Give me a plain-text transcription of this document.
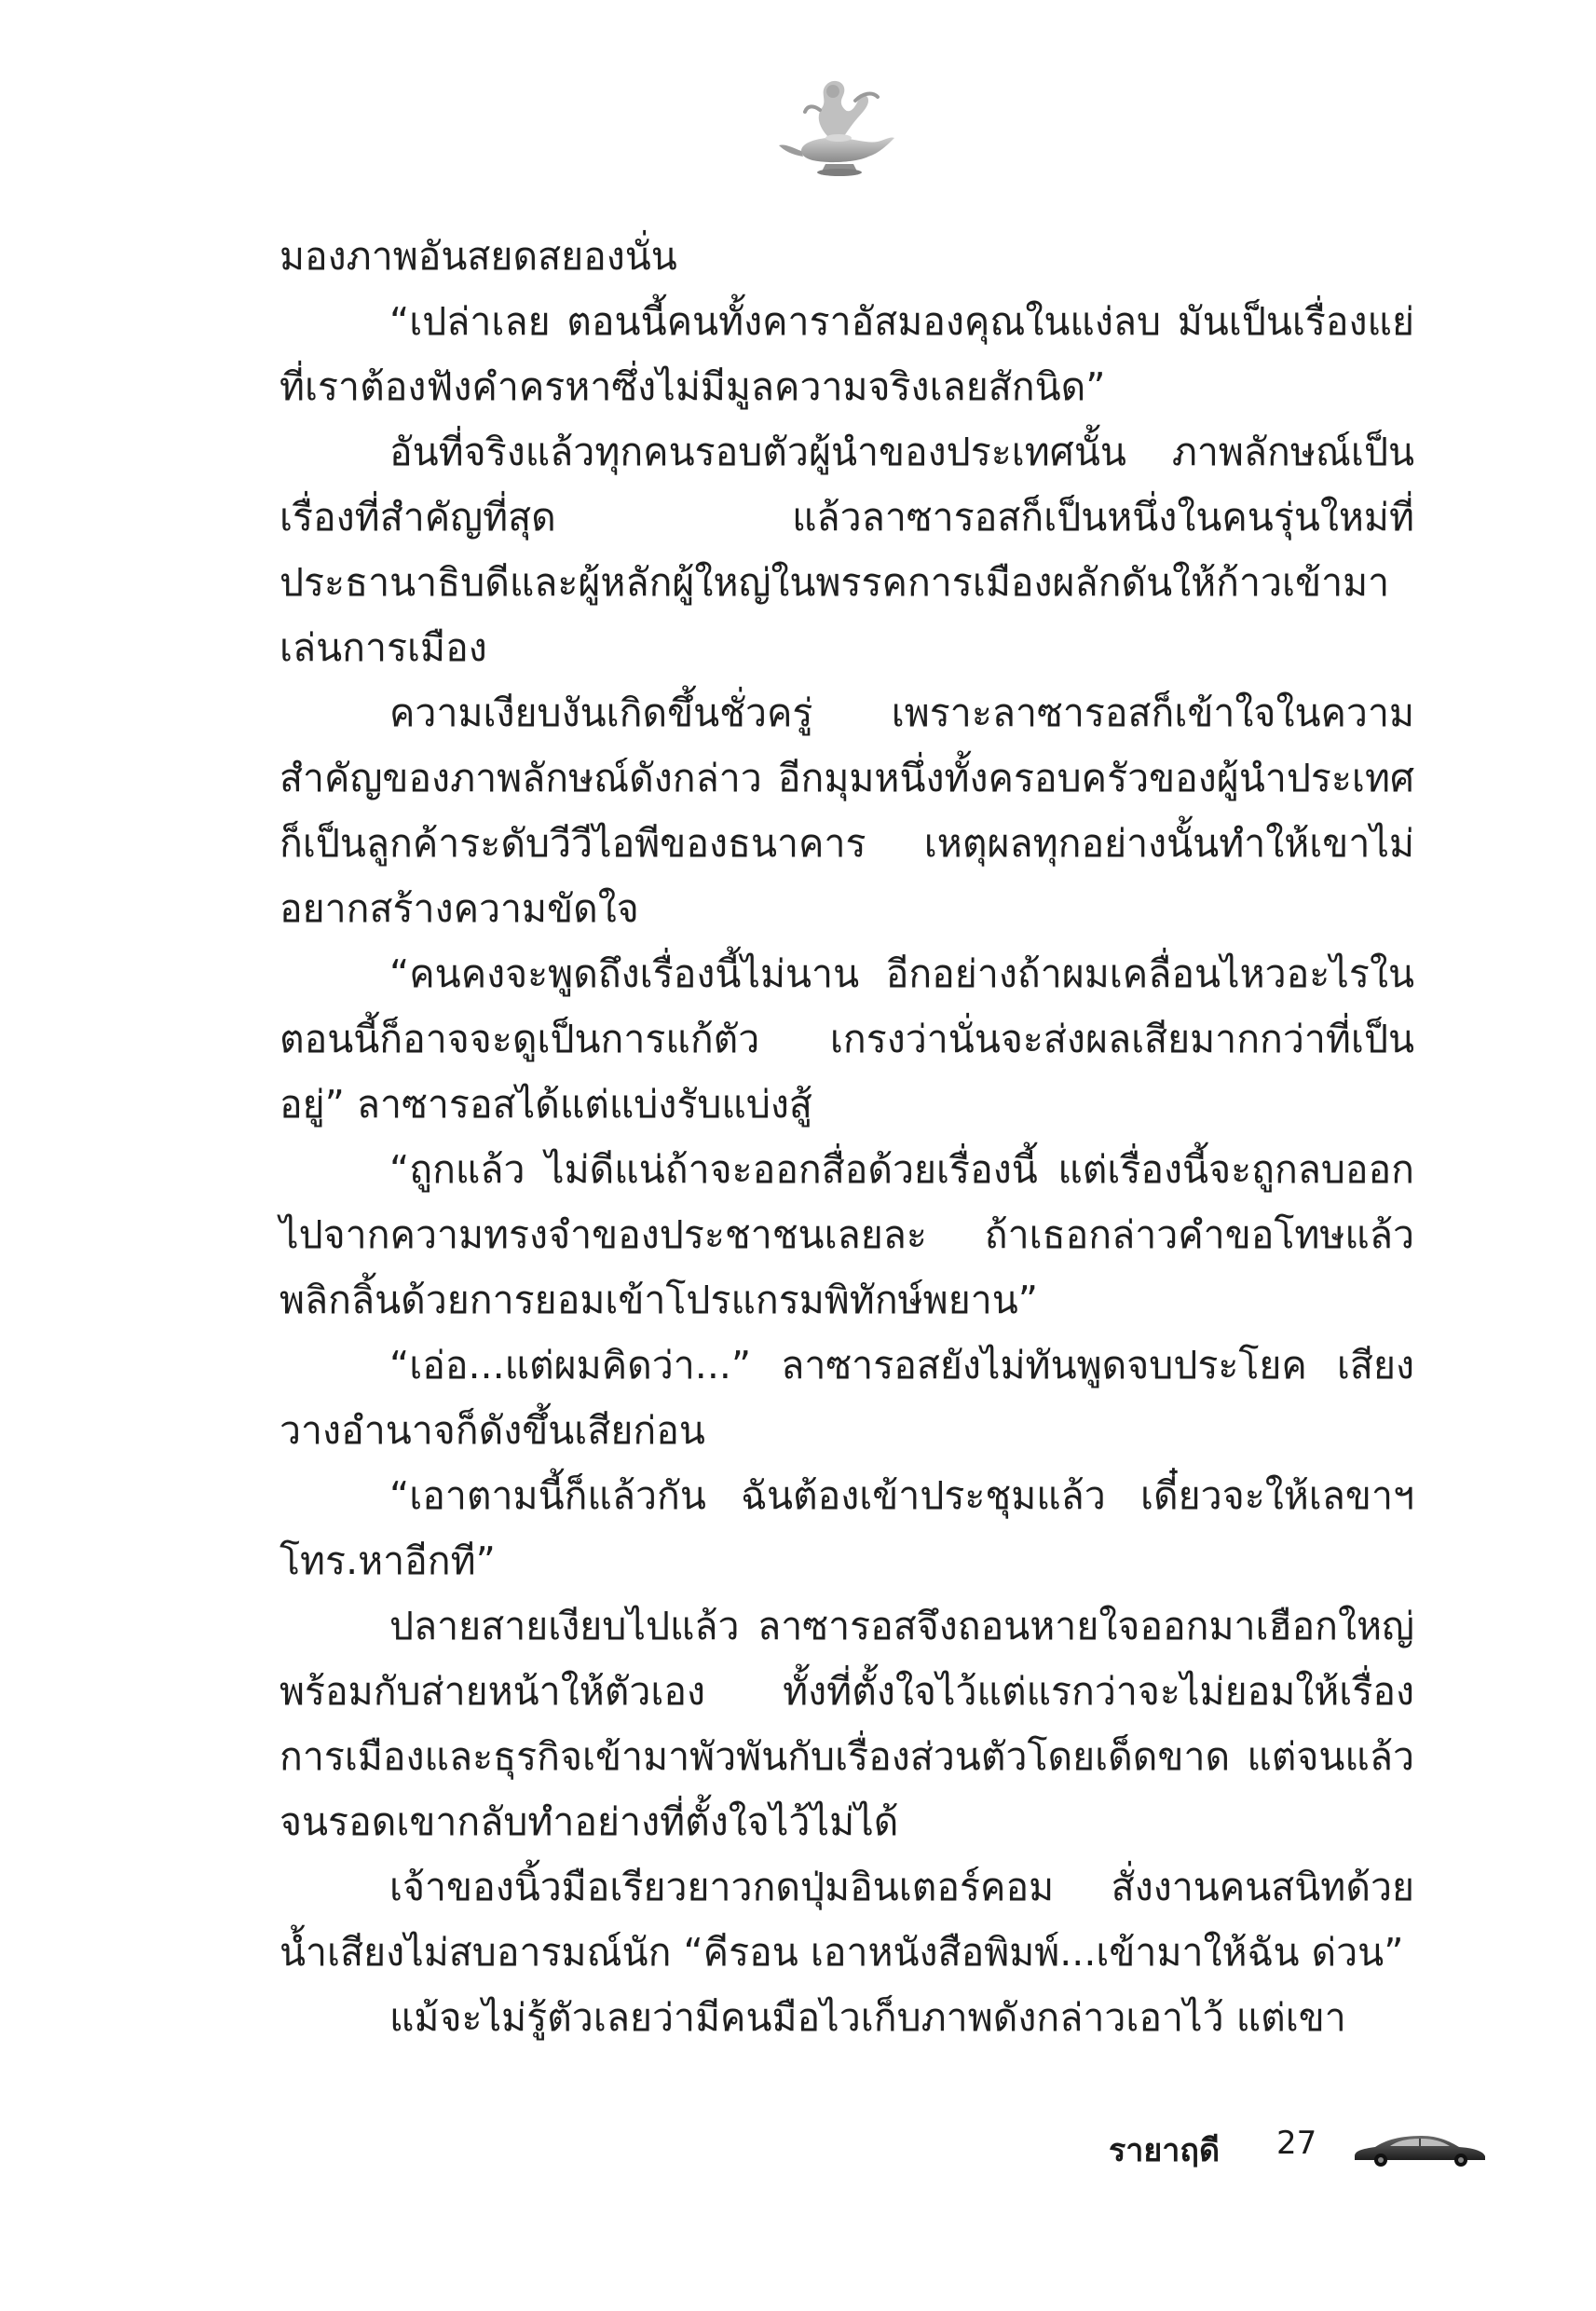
มองภาพอันสยดสยองนั่น

“เปล่าเลย ตอนนี้คนทั้งคาราอัสมองคุณในแง่ลบ มันเป็นเรื่องแย่ที่เราต้องฟังคำครหาซึ่งไม่มีมูลความจริงเลยสักนิด”

อันที่จริงแล้วทุกคนรอบตัวผู้นำของประเทศนั้น ภาพลักษณ์เป็นเรื่องที่สำคัญที่สุด แล้วลาซารอสก็เป็นหนึ่งในคนรุ่นใหม่ที่ประธานาธิบดีและผู้หลักผู้ใหญ่ในพรรคการเมืองผลักดันให้ก้าวเข้ามาเล่นการเมือง

ความเงียบงันเกิดขึ้นชั่วครู่ เพราะลาซารอสก็เข้าใจในความสำคัญของภาพลักษณ์ดังกล่าว อีกมุมหนึ่งทั้งครอบครัวของผู้นำประเทศก็เป็นลูกค้าระดับวีวีไอพีของธนาคาร เหตุผลทุกอย่างนั้นทำให้เขาไม่อยากสร้างความขัดใจ

“คนคงจะพูดถึงเรื่องนี้ไม่นาน อีกอย่างถ้าผมเคลื่อนไหวอะไรในตอนนี้ก็อาจจะดูเป็นการแก้ตัว เกรงว่านั่นจะส่งผลเสียมากกว่าที่เป็นอยู่” ลาซารอสได้แต่แบ่งรับแบ่งสู้

“ถูกแล้ว ไม่ดีแน่ถ้าจะออกสื่อด้วยเรื่องนี้ แต่เรื่องนี้จะถูกลบออกไปจากความทรงจำของประชาชนเลยละ ถ้าเธอกล่าวคำขอโทษแล้วพลิกลิ้นด้วยการยอมเข้าโปรแกรมพิทักษ์พยาน”

“เอ่อ...แต่ผมคิดว่า...” ลาซารอสยังไม่ทันพูดจบประโยค เสียงวางอำนาจก็ดังขึ้นเสียก่อน

“เอาตามนี้ก็แล้วกัน ฉันต้องเข้าประชุมแล้ว เดี๋ยวจะให้เลขาฯ โทร.หาอีกที”

ปลายสายเงียบไปแล้ว ลาซารอสจึงถอนหายใจออกมาเฮือกใหญ่พร้อมกับส่ายหน้าให้ตัวเอง ทั้งที่ตั้งใจไว้แต่แรกว่าจะไม่ยอมให้เรื่องการเมืองและธุรกิจเข้ามาพัวพันกับเรื่องส่วนตัวโดยเด็ดขาด แต่จนแล้วจนรอดเขากลับทำอย่างที่ตั้งใจไว้ไม่ได้

เจ้าของนิ้วมือเรียวยาวกดปุ่มอินเตอร์คอม สั่งงานคนสนิทด้วยน้ำเสียงไม่สบอารมณ์นัก “คีรอน เอาหนังสือพิมพ์...เข้ามาให้ฉัน ด่วน”

แม้จะไม่รู้ตัวเลยว่ามีคนมือไวเก็บภาพดังกล่าวเอาไว้ แต่เขา

รายาฤดี 27
